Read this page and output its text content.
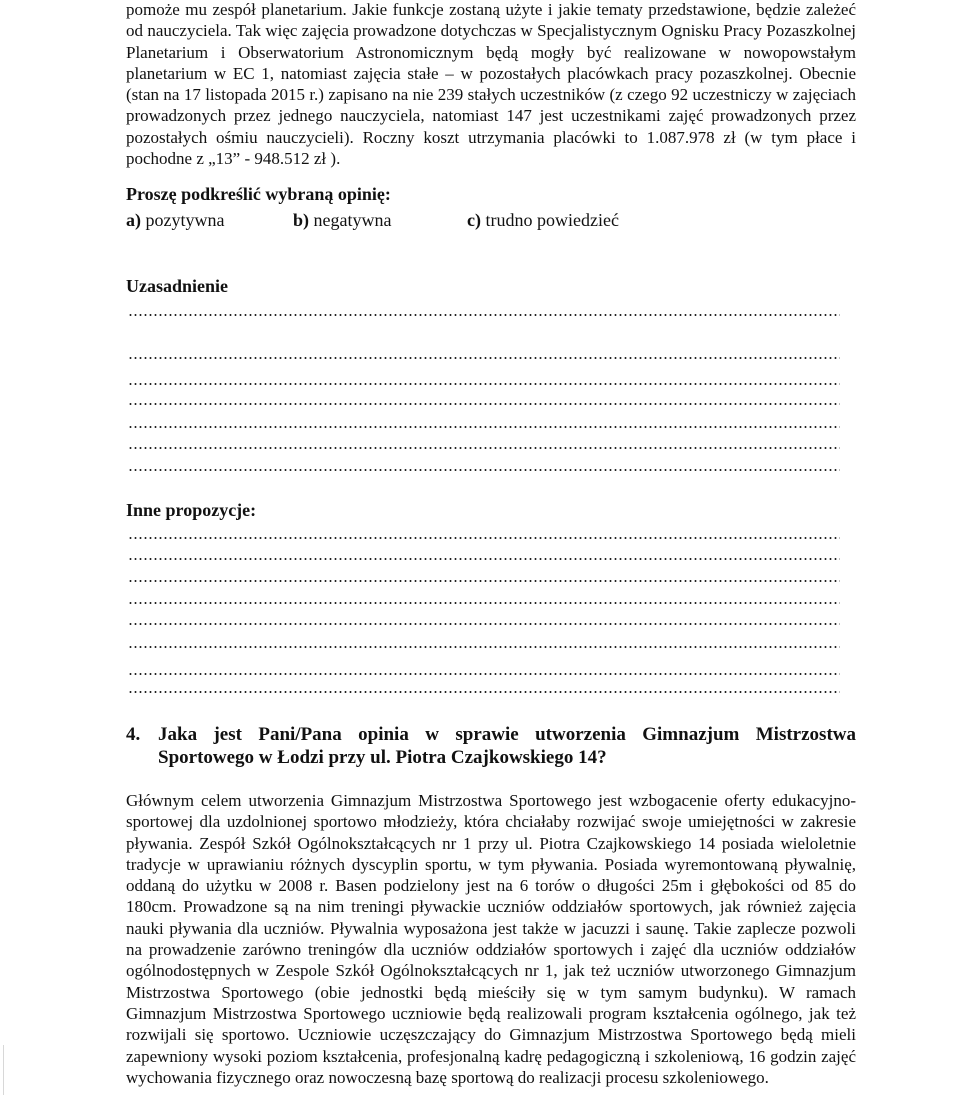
pomoże mu zespół planetarium. Jakie funkcje zostaną użyte i jakie tematy przedstawione, będzie zależeć od nauczyciela. Tak więc zajęcia prowadzone dotychczas w Specjalistycznym Ognisku Pracy Pozaszkolnej Planetarium i Obserwatorium Astronomicznym będą mogły być realizowane w nowopowstałym planetarium w EC 1, natomiast zajęcia stałe – w pozostałych placówkach pracy pozaszkolnej. Obecnie (stan na 17 listopada 2015 r.) zapisano na nie 239 stałych uczestników (z czego 92 uczestniczy w zajęciach prowadzonych przez jednego nauczyciela, natomiast 147 jest uczestnikami zajęć prowadzonych przez pozostałych ośmiu nauczycieli). Roczny koszt utrzymania placówki to 1.087.978 zł (w tym płace i pochodne z „13” - 948.512 zł ).

Proszę podkreślić wybraną opinię:

a) pozytywna	b) negatywna	c) trudno powiedzieć

Uzasadnienie

Inne propozycje:

4. Jaka jest Pani/Pana opinia w sprawie utworzenia Gimnazjum Mistrzostwa
Sportowego w Łodzi przy ul. Piotra Czajkowskiego 14?

Głównym celem utworzenia Gimnazjum Mistrzostwa Sportowego jest wzbogacenie oferty edukacyjno-sportowej dla uzdolnionej sportowo młodzieży, która chciałaby rozwijać swoje umiejętności w zakresie pływania. Zespół Szkół Ogólnokształcących nr 1 przy ul. Piotra Czajkowskiego 14 posiada wieloletnie tradycje w uprawianiu różnych dyscyplin sportu, w tym pływania. Posiada wyremontowaną pływalnię, oddaną do użytku w 2008 r. Basen podzielony jest na 6 torów o długości 25m i głębokości od 85 do 180cm. Prowadzone są na nim treningi pływackie uczniów oddziałów sportowych, jak również zajęcia nauki pływania dla uczniów. Pływalnia wyposażona jest także w jacuzzi i saunę. Takie zaplecze pozwoli na prowadzenie zarówno treningów dla uczniów oddziałów sportowych i zajęć dla uczniów oddziałów ogólnodostępnych w Zespole Szkół Ogólnokształcących nr 1, jak też uczniów utworzonego Gimnazjum Mistrzostwa Sportowego (obie jednostki będą mieściły się w tym samym budynku). W ramach Gimnazjum Mistrzostwa Sportowego uczniowie będą realizowali program kształcenia ogólnego, jak też rozwijali się sportowo. Uczniowie uczęszczający do Gimnazjum Mistrzostwa Sportowego będą mieli zapewniony wysoki poziom kształcenia, profesjonalną kadrę pedagogiczną i szkoleniową, 16 godzin zajęć wychowania fizycznego oraz nowoczesną bazę sportową do realizacji procesu szkoleniowego.
